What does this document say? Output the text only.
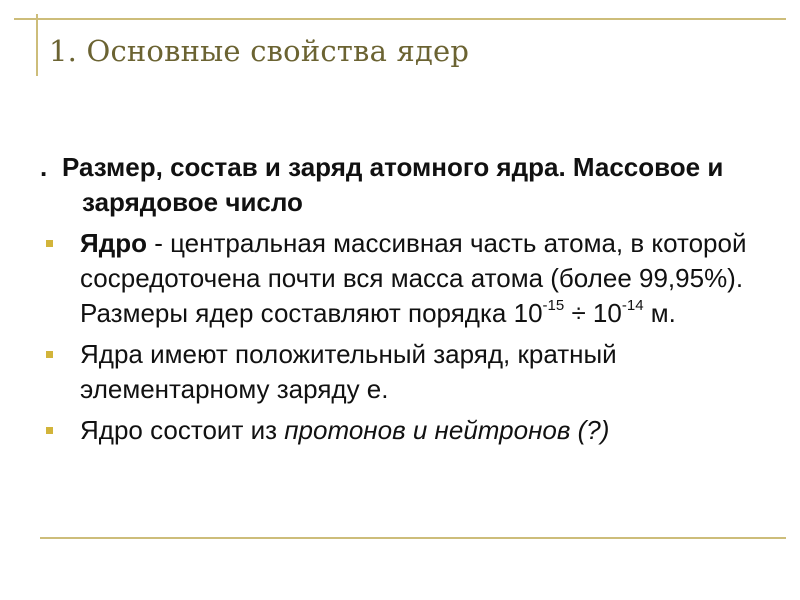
1. Основные свойства ядер

. Размер, состав и заряд атомного ядра. Массовое и зарядовое число

Ядро - центральная массивная часть атома, в которой сосредоточена почти вся масса атома (более 99,95%). Размеры ядер составляют порядка $10^{-15} \div 10^{-14}$ м.
Ядра имеют положительный заряд, кратный элементарному заряду е.
Ядро состоит из протонов и нейтронов (?)
